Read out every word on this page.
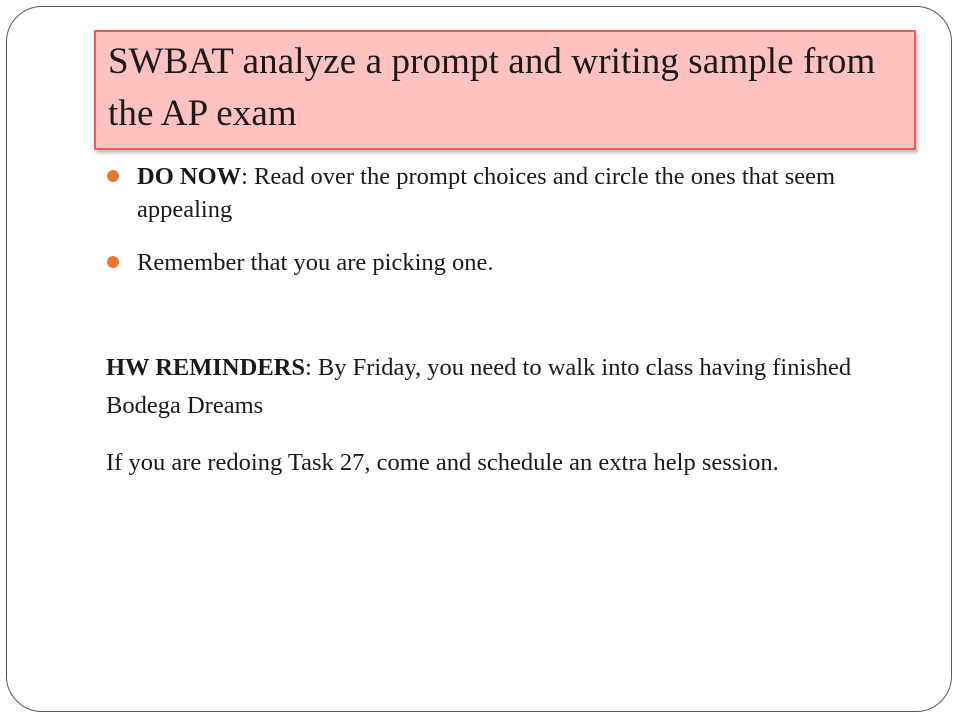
SWBAT analyze a prompt and writing sample from the AP exam
DO NOW: Read over the prompt choices and circle the ones that seem appealing
Remember that you are picking one.
HW REMINDERS: By Friday, you need to walk into class having finished Bodega Dreams
If you are redoing Task 27, come and schedule an extra help session.
